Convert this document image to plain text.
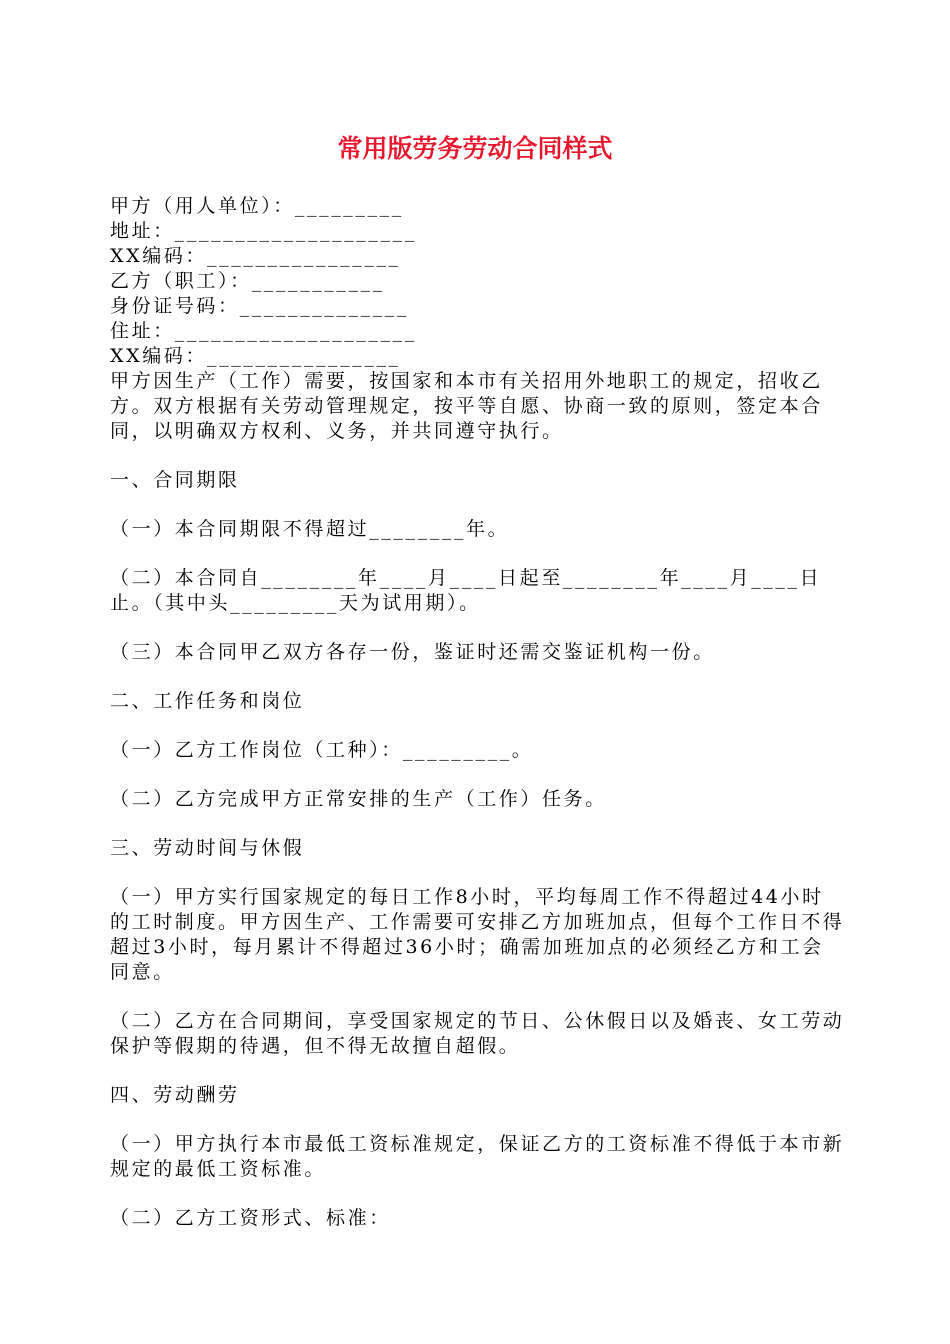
常用版劳务劳动合同样式
甲方（用人单位）：_________
地址：____________________
XX编码：________________
乙方（职工）：___________
身份证号码：______________
住址：____________________
XX编码：________________
甲方因生产（工作）需要，按国家和本市有关招用外地职工的规定，招收乙方。双方根据有关劳动管理规定，按平等自愿、协商一致的原则，签定本合同，以明确双方权利、义务，并共同遵守执行。
一、合同期限
（一）本合同期限不得超过________年。
（二）本合同自________年____月____日起至________年____月____日止。（其中头_________天为试用期）。
（三）本合同甲乙双方各存一份，鉴证时还需交鉴证机构一份。
二、工作任务和岗位
（一）乙方工作岗位（工种）：_________。
（二）乙方完成甲方正常安排的生产（工作）任务。
三、劳动时间与休假
（一）甲方实行国家规定的每日工作8小时，平均每周工作不得超过44小时的工时制度。甲方因生产、工作需要可安排乙方加班加点，但每个工作日不得超过3小时，每月累计不得超过36小时；确需加班加点的必须经乙方和工会同意。
（二）乙方在合同期间，享受国家规定的节日、公休假日以及婚丧、女工劳动保护等假期的待遇，但不得无故擅自超假。
四、劳动酬劳
（一）甲方执行本市最低工资标准规定，保证乙方的工资标准不得低于本市新规定的最低工资标准。
（二）乙方工资形式、标准：
